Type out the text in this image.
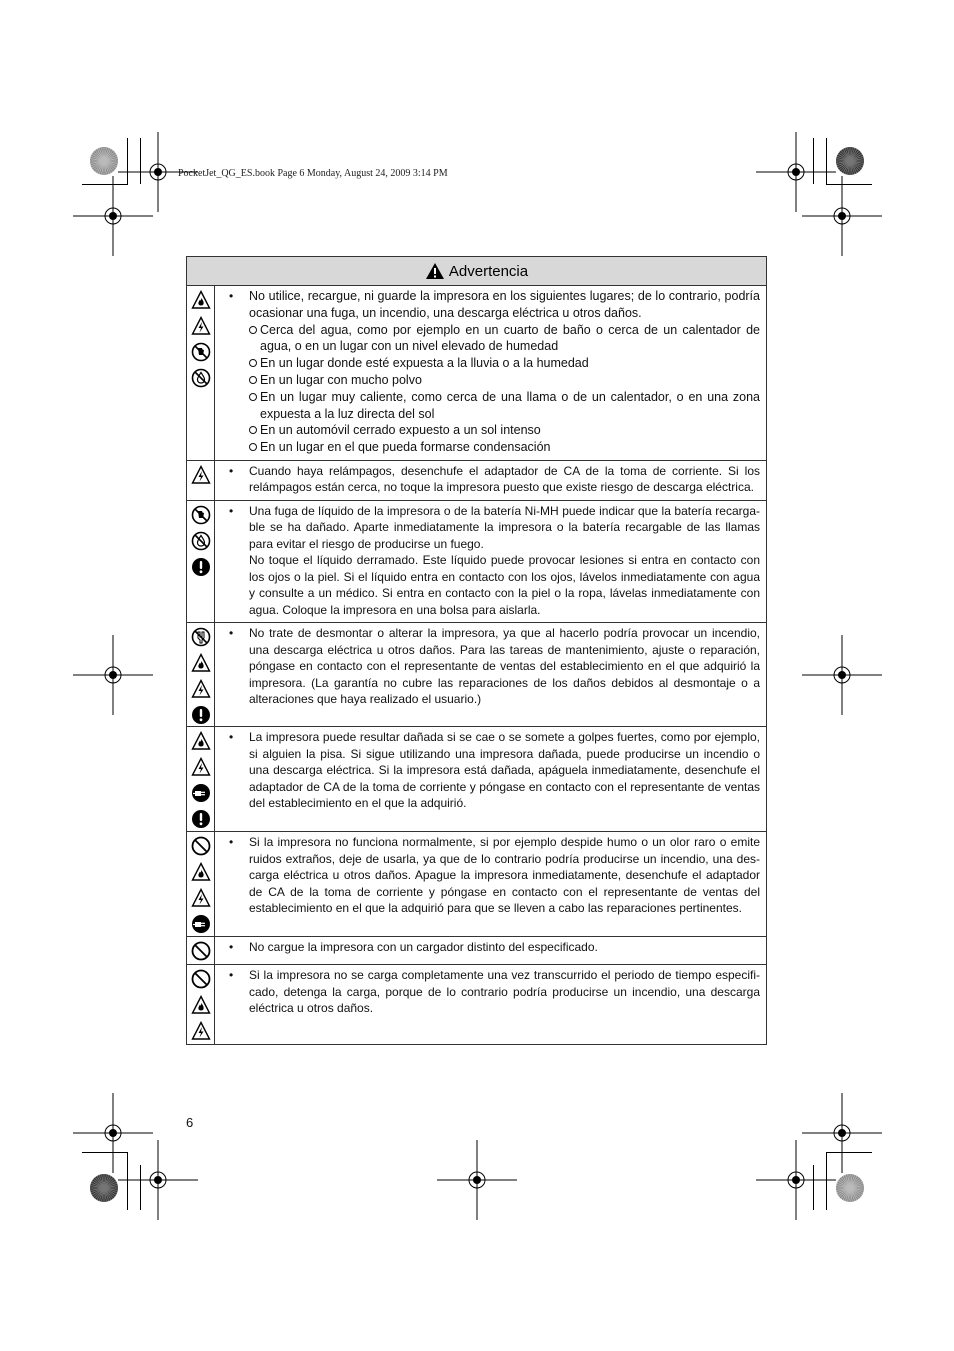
PocketJet_QG_ES.book Page 6 Monday, August 24, 2009 3:14 PM
Advertencia
• No utilice, recargue, ni guarde la impresora en los siguientes lugares; de lo contrario, podría ocasionar una fuga, un incendio, una descarga eléctrica u otros daños.

Cerca del agua, como por ejemplo en un cuarto de baño o cerca de un calentador de agua, o en un lugar con un nivel elevado de humedad
En un lugar donde esté expuesta a la lluvia o a la humedad
En un lugar con mucho polvo
En un lugar muy caliente, como cerca de una llama o de un calentador, o en una zona expuesta a la luz directa del sol
En un automóvil cerrado expuesto a un sol intenso
En un lugar en el que pueda formarse condensación
• Cuando haya relámpagos, desenchufe el adaptador de CA de la toma de corriente. Si los relámpagos están cerca, no toque la impresora puesto que existe riesgo de descarga eléctrica.

• Una fuga de líquido de la impresora o de la batería Ni-MH puede indicar que la batería recarga-ble se ha dañado. Aparte inmediatamente la impresora o la batería recargable de las llamas para evitar el riesgo de producirse un fuego.

No toque el líquido derramado. Este líquido puede provocar lesiones si entra en contacto con los ojos o la piel. Si el líquido entra en contacto con los ojos, lávelos inmediatamente con agua y consulte a un médico. Si entra en contacto con la piel o la ropa, lávelas inmediatamente con agua. Coloque la impresora en una bolsa para aislarla.

• No trate de desmontar o alterar la impresora, ya que al hacerlo podría provocar un incendio, una descarga eléctrica u otros daños. Para las tareas de mantenimiento, ajuste o reparación, póngase en contacto con el representante de ventas del establecimiento en el que adquirió la impresora. (La garantía no cubre las reparaciones de los daños debidos al desmontaje o a alteraciones que haya realizado el usuario.)

• La impresora puede resultar dañada si se cae o se somete a golpes fuertes, como por ejemplo, si alguien la pisa. Si sigue utilizando una impresora dañada, puede producirse un incendio o una descarga eléctrica. Si la impresora está dañada, apáguela inmediatamente, desenchufe el adaptador de CA de la toma de corriente y póngase en contacto con el representante de ventas del establecimiento en el que la adquirió.

• Si la impresora no funciona normalmente, si por ejemplo despide humo o un olor raro o emite ruidos extraños, deje de usarla, ya que de lo contrario podría producirse un incendio, una des-carga eléctrica u otros daños. Apague la impresora inmediatamente, desenchufe el adaptador de CA de la toma de corriente y póngase en contacto con el representante de ventas del establecimiento en el que la adquirió para que se lleven a cabo las reparaciones pertinentes.

• No cargue la impresora con un cargador distinto del especificado.

• Si la impresora no se carga completamente una vez transcurrido el periodo de tiempo especifi-cado, detenga la carga, porque de lo contrario podría producirse un incendio, una descarga eléctrica u otros daños.

6
